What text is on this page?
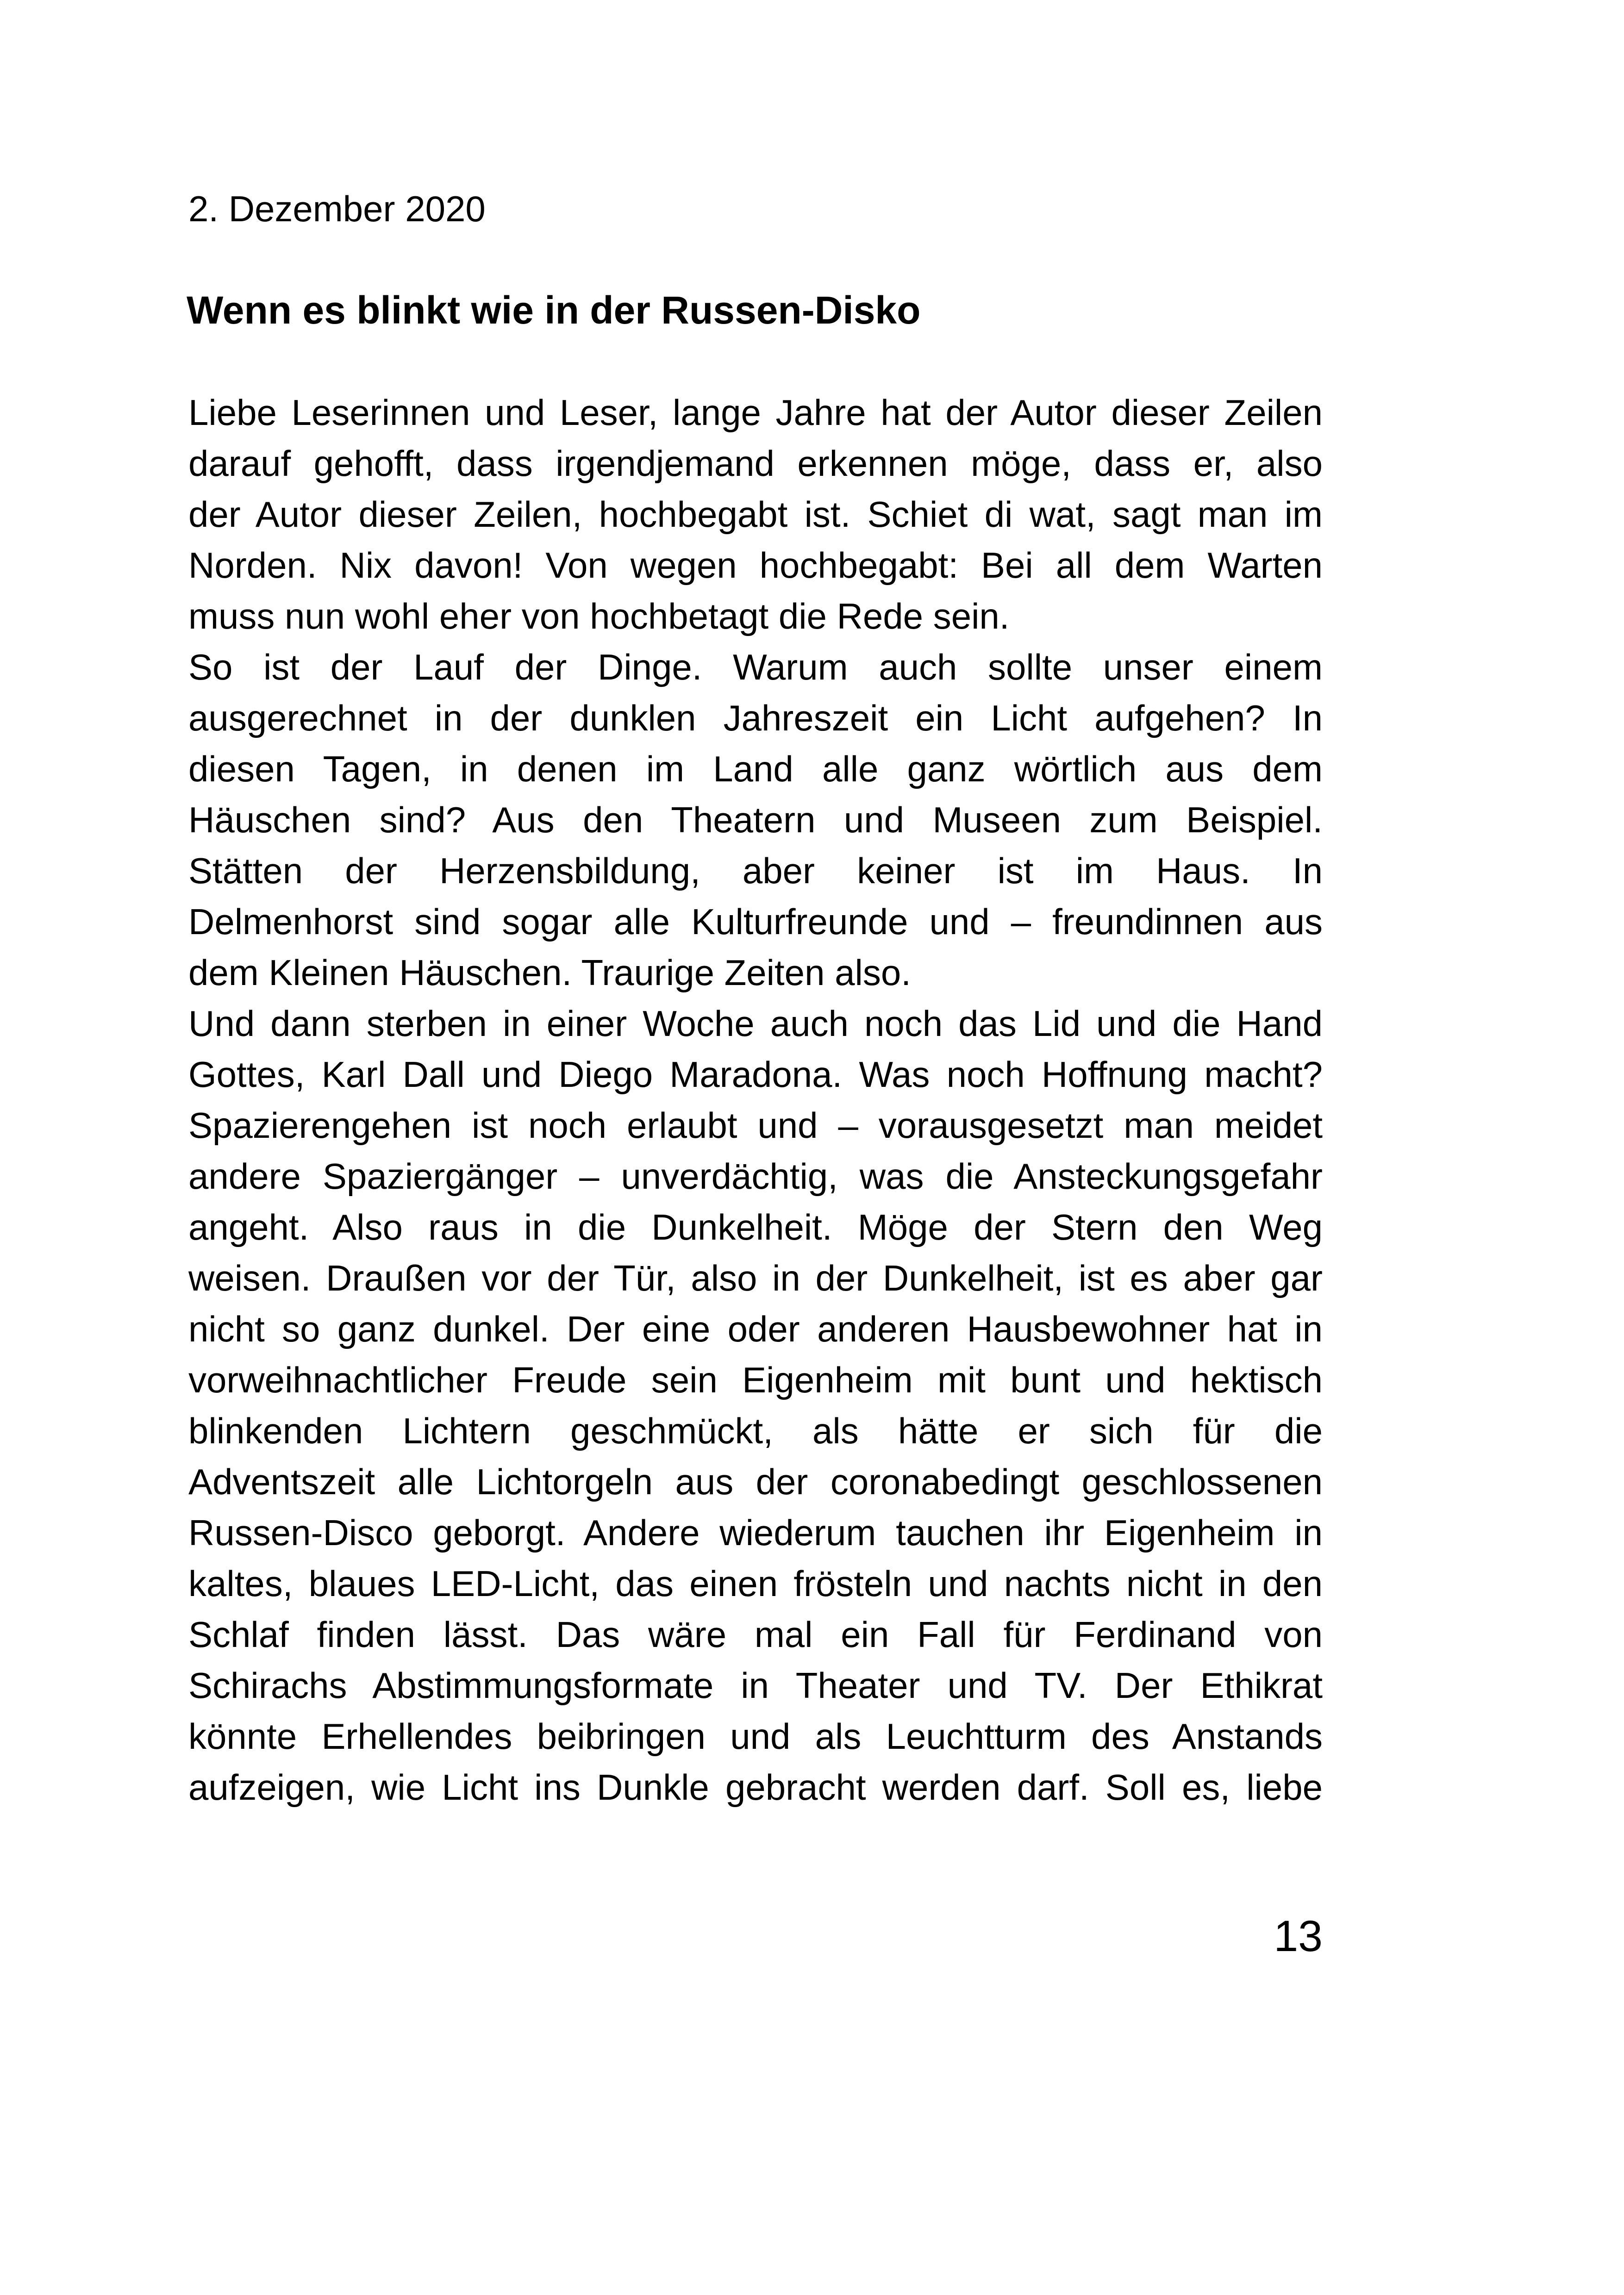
2. Dezember 2020
Wenn es blinkt wie in der Russen-Disko
Liebe Leserinnen und Leser, lange Jahre hat der Autor dieser Zeilen
darauf gehofft, dass irgendjemand erkennen möge, dass er, also
der Autor dieser Zeilen, hochbegabt ist. Schiet di wat, sagt man im
Norden. Nix davon! Von wegen hochbegabt: Bei all dem Warten
muss nun wohl eher von hochbetagt die Rede sein.
So ist der Lauf der Dinge. Warum auch sollte unser einem
ausgerechnet in der dunklen Jahreszeit ein Licht aufgehen? In
diesen Tagen, in denen im Land alle ganz wörtlich aus dem
Häuschen sind? Aus den Theatern und Museen zum Beispiel.
Stätten der Herzensbildung, aber keiner ist im Haus. In
Delmenhorst sind sogar alle Kulturfreunde und – freundinnen aus
dem Kleinen Häuschen. Traurige Zeiten also.
Und dann sterben in einer Woche auch noch das Lid und die Hand
Gottes, Karl Dall und Diego Maradona. Was noch Hoffnung macht?
Spazierengehen ist noch erlaubt und – vorausgesetzt man meidet
andere Spaziergänger – unverdächtig, was die Ansteckungsgefahr
angeht. Also raus in die Dunkelheit. Möge der Stern den Weg
weisen. Draußen vor der Tür, also in der Dunkelheit, ist es aber gar
nicht so ganz dunkel. Der eine oder anderen Hausbewohner hat in
vorweihnachtlicher Freude sein Eigenheim mit bunt und hektisch
blinkenden Lichtern geschmückt, als hätte er sich für die
Adventszeit alle Lichtorgeln aus der coronabedingt geschlossenen
Russen-Disco geborgt. Andere wiederum tauchen ihr Eigenheim in
kaltes, blaues LED-Licht, das einen frösteln und nachts nicht in den
Schlaf finden lässt. Das wäre mal ein Fall für Ferdinand von
Schirachs Abstimmungsformate in Theater und TV. Der Ethikrat
könnte Erhellendes beibringen und als Leuchtturm des Anstands
aufzeigen, wie Licht ins Dunkle gebracht werden darf. Soll es, liebe
13
